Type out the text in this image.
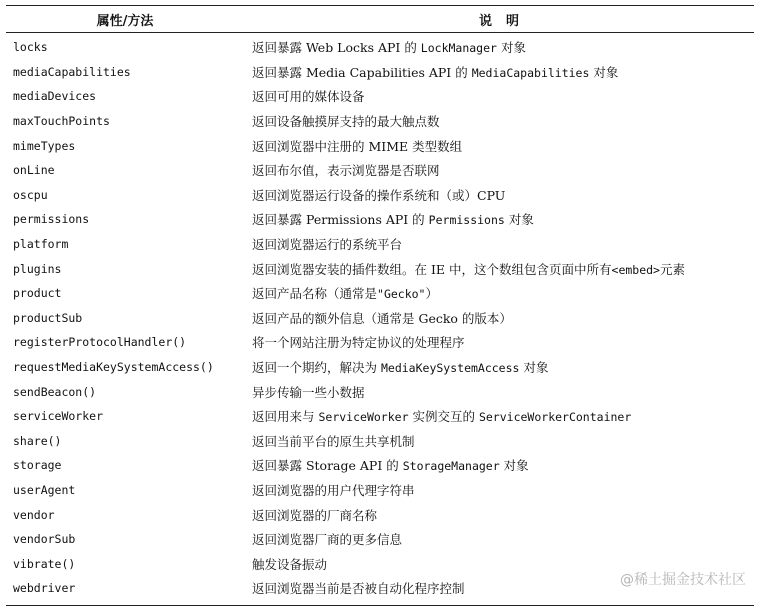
属性/方法	说明
locks	返回暴露 Web Locks API 的 LockManager 对象
mediaCapabilities	返回暴露 Media Capabilities API 的 MediaCapabilities 对象
mediaDevices	返回可用的媒体设备
maxTouchPoints	返回设备触摸屏支持的最大触点数
mimeTypes	返回浏览器中注册的 MIME 类型数组
onLine	返回布尔值，表示浏览器是否联网
oscpu	返回浏览器运行设备的操作系统和（或）CPU
permissions	返回暴露 Permissions API 的 Permissions 对象
platform	返回浏览器运行的系统平台
plugins	返回浏览器安装的插件数组。在 IE 中，这个数组包含页面中所有<embed>元素
product	返回产品名称（通常是"Gecko"）
productSub	返回产品的额外信息（通常是 Gecko 的版本）
registerProtocolHandler()	将一个网站注册为特定协议的处理程序
requestMediaKeySystemAccess()	返回一个期约，解决为 MediaKeySystemAccess 对象
sendBeacon()	异步传输一些小数据
serviceWorker	返回用来与 ServiceWorker 实例交互的 ServiceWorkerContainer
share()	返回当前平台的原生共享机制
storage	返回暴露 Storage API 的 StorageManager 对象
userAgent	返回浏览器的用户代理字符串
vendor	返回浏览器的厂商名称
vendorSub	返回浏览器厂商的更多信息
vibrate()	触发设备振动
webdriver	返回浏览器当前是否被自动化程序控制
@稀土掘金技术社区
